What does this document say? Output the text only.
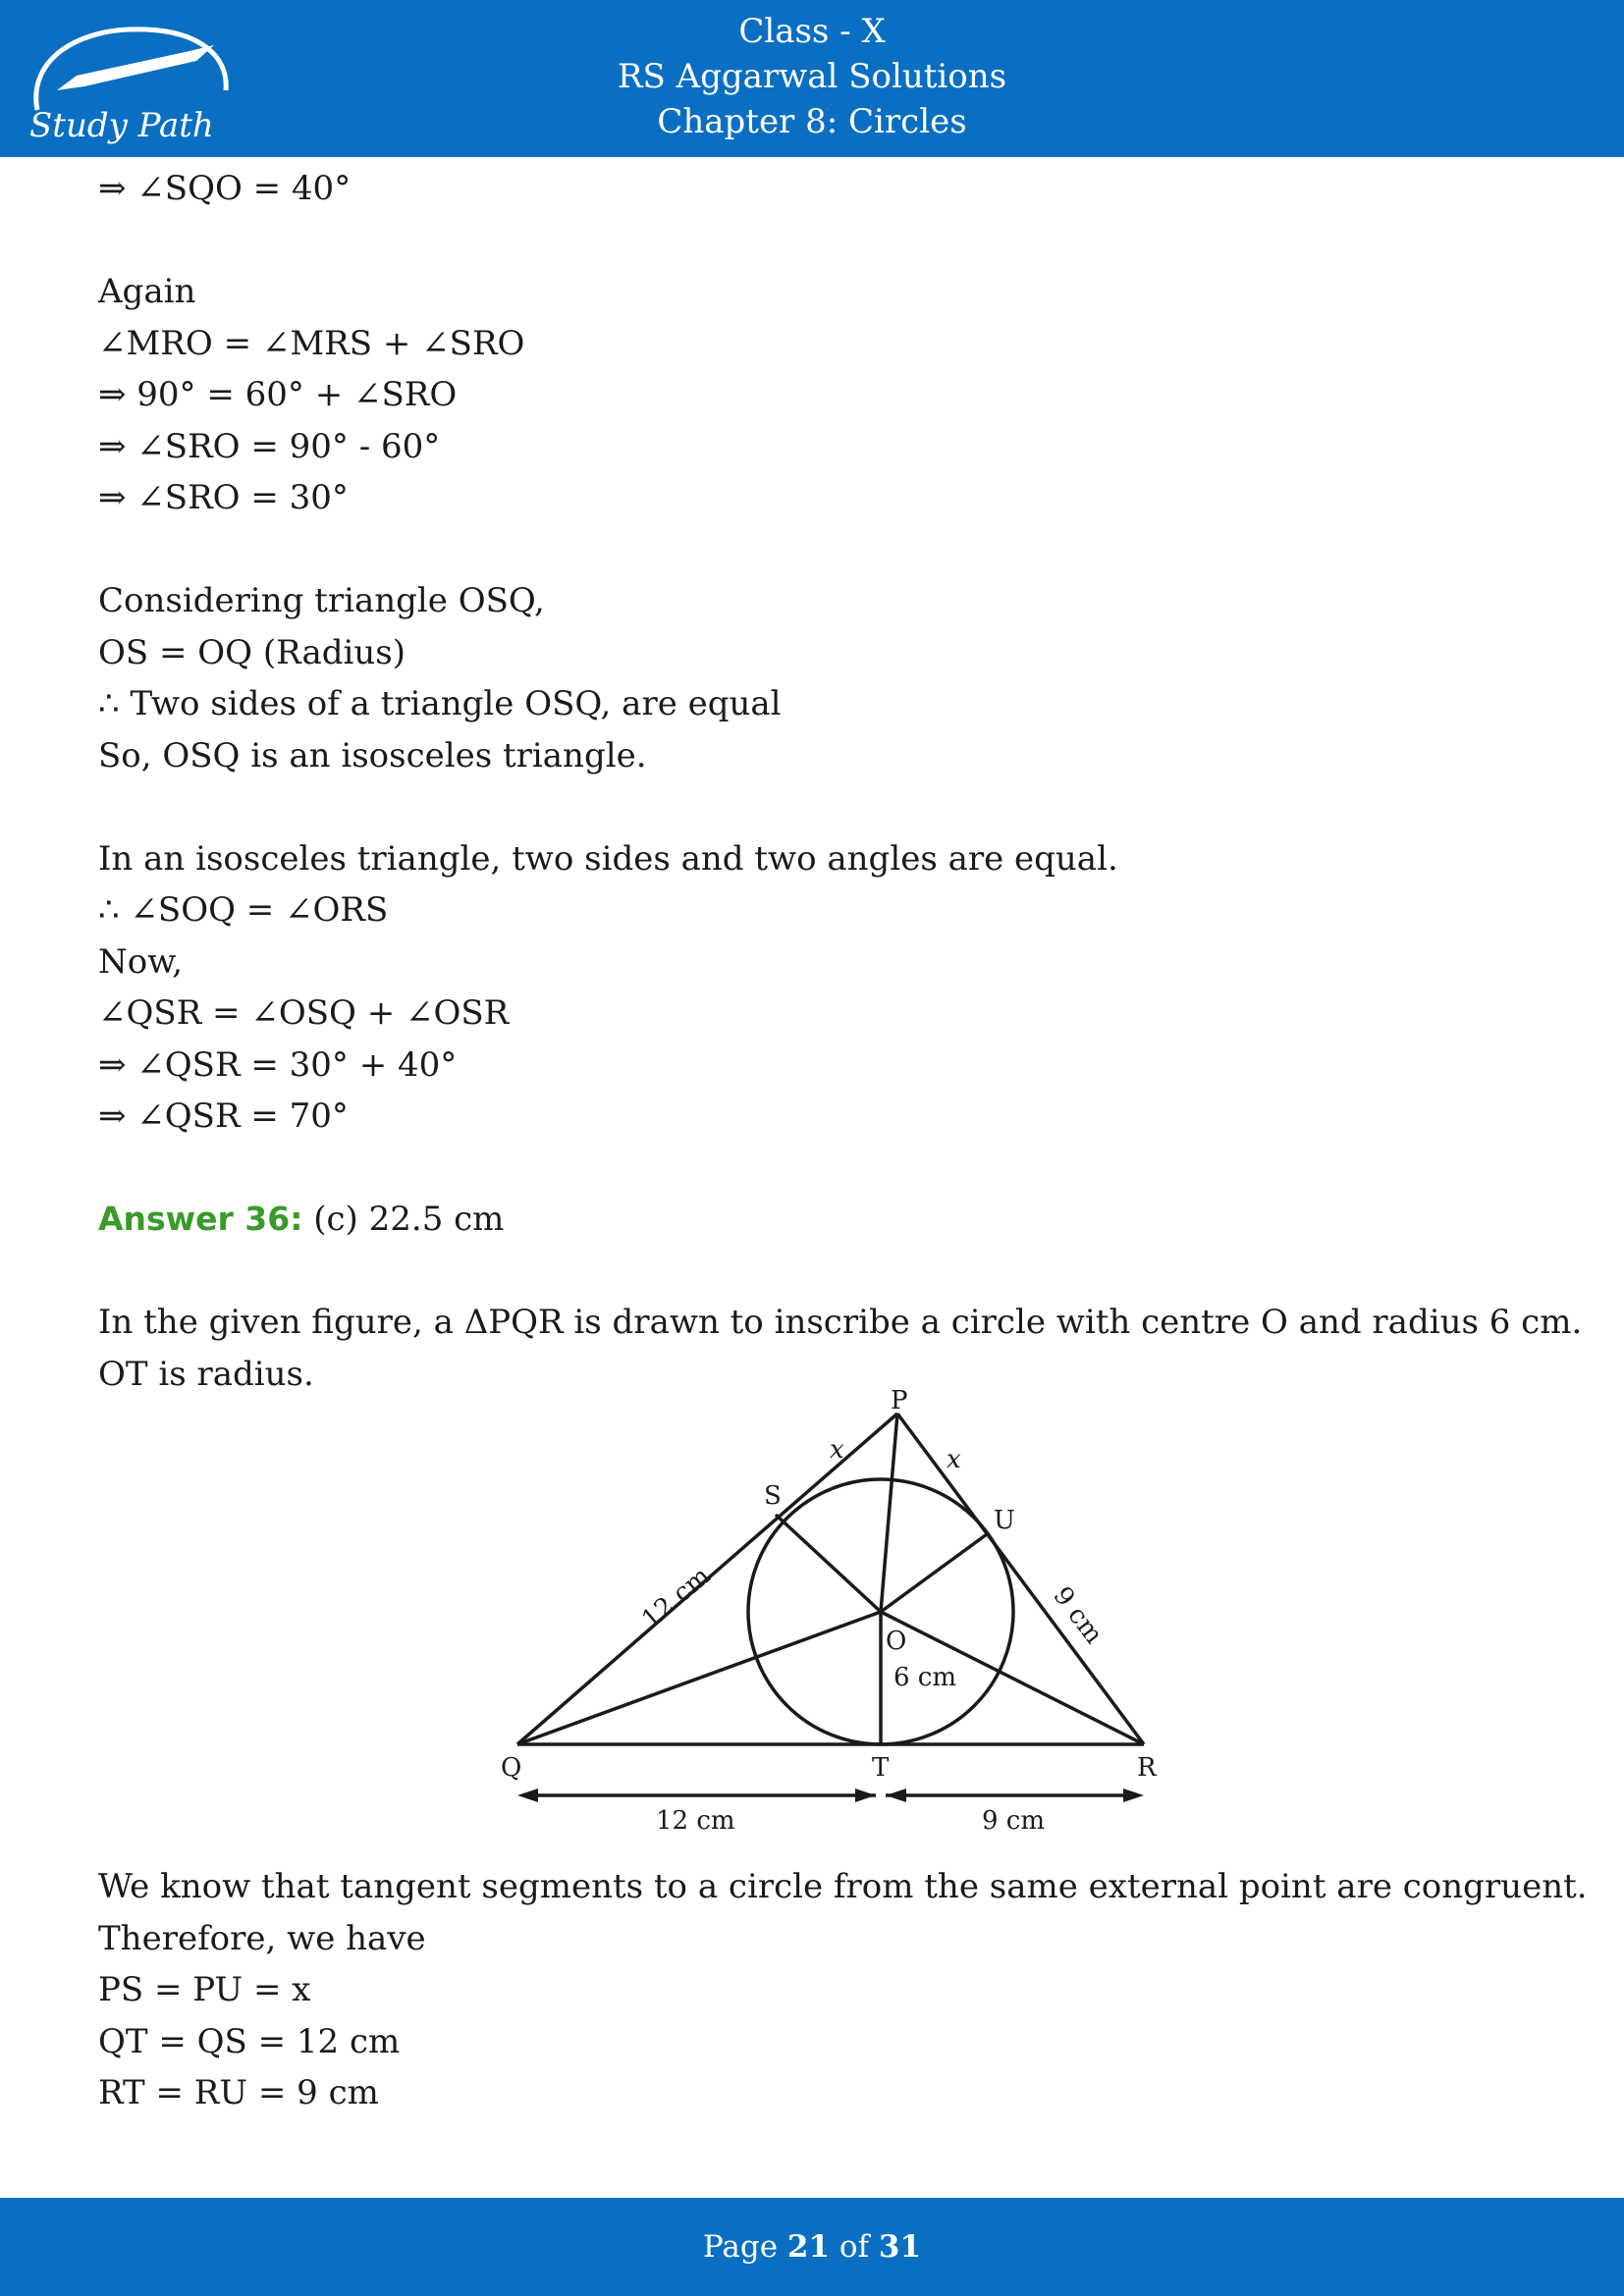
Class - X
RS Aggarwal Solutions
Chapter 8: Circles
Study Path
⇒ ∠SQO = 40°
Again
∠MRO = ∠MRS + ∠SRO
⇒ 90° = 60° + ∠SRO
⇒ ∠SRO = 90° - 60°
⇒ ∠SRO = 30°
Considering triangle OSQ,
OS = OQ (Radius)
∴ Two sides of a triangle OSQ, are equal
So, OSQ is an isosceles triangle.
In an isosceles triangle, two sides and two angles are equal.
∴ ∠SOQ = ∠ORS
Now,
∠QSR = ∠OSQ + ∠OSR
⇒ ∠QSR = 30° + 40°
⇒ ∠QSR = 70°
Answer 36: (c) 22.5 cm
In the given figure, a ΔPQR is drawn to inscribe a circle with centre O and radius 6 cm.
OT is radius.
P
Q	R
S
T
U
O
x	x
6 cm
12 cm	9 cm
12 cm	9 cm
We know that tangent segments to a circle from the same external point are congruent.
Therefore, we have
PS = PU = x
QT = QS = 12 cm
RT = RU = 9 cm
Page 21 of 31
